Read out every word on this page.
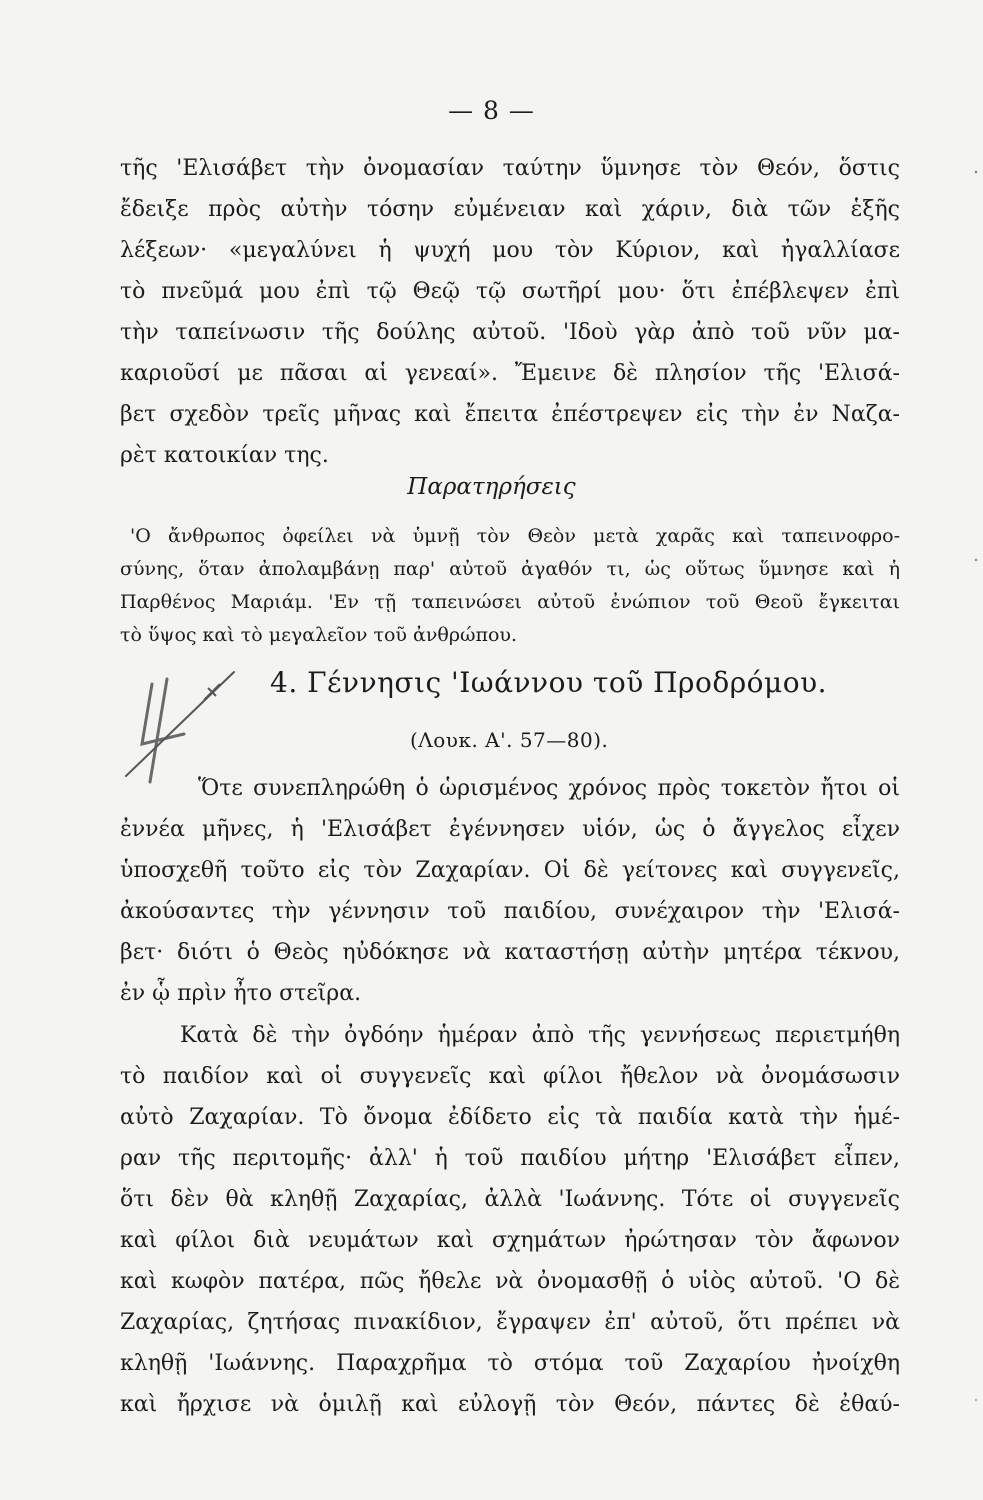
— 8 —
τῆς 'Ελισάβετ τὴν ὀνομασίαν ταύτην ὕμνησε τὸν Θεόν, ὅστις
ἔδειξε πρὸς αὐτὴν τόσην εὐμένειαν καὶ χάριν, διὰ τῶν ἑξῆς
λέξεων· «μεγαλύνει ἡ ψυχή μου τὸν Κύριον, καὶ ἠγαλλίασε
τὸ πνεῦμά μου ἐπὶ τῷ Θεῷ τῷ σωτῆρί μου· ὅτι ἐπέβλεψεν ἐπὶ
τὴν ταπείνωσιν τῆς δούλης αὐτοῦ. 'Ιδοὺ γὰρ ἀπὸ τοῦ νῦν μα-
καριοῦσί με πᾶσαι αἱ γενεαί». Ἔμεινε δὲ πλησίον τῆς 'Ελισά-
βετ σχεδὸν τρεῖς μῆνας καὶ ἔπειτα ἐπέστρεψεν εἰς τὴν ἐν Ναζα-
ρὲτ κατοικίαν της.
Παρατηρήσεις
'Ο ἄνθρωπος ὀφείλει νὰ ὑμνῇ τὸν Θεὸν μετὰ χαρᾶς καὶ ταπεινοφρο-
σύνης, ὅταν ἀπολαμβάνῃ παρ' αὐτοῦ ἀγαθόν τι, ὡς οὕτως ὕμνησε καὶ ἡ
Παρθένος Μαριάμ. 'Εν τῇ ταπεινώσει αὐτοῦ ἐνώπιον τοῦ Θεοῦ ἔγκειται
τὸ ὕψος καὶ τὸ μεγαλεῖον τοῦ ἀνθρώπου.
4. Γέννησις 'Ιωάννου τοῦ Προδρόμου.
(Λουκ. Α'. 57—80).
Ὅτε συνεπληρώθη ὁ ὡρισμένος χρόνος πρὸς τοκετὸν ἤτοι οἱ
ἐννέα μῆνες, ἡ 'Ελισάβετ ἐγέννησεν υἱόν, ὡς ὁ ἄγγελος εἶχεν
ὑποσχεθῆ τοῦτο εἰς τὸν Ζαχαρίαν. Οἱ δὲ γείτονες καὶ συγγενεῖς,
ἀκούσαντες τὴν γέννησιν τοῦ παιδίου, συνέχαιρον τὴν 'Ελισά-
βετ· διότι ὁ Θεὸς ηὐδόκησε νὰ καταστήσῃ αὐτὴν μητέρα τέκνου,
ἐν ᾧ πρὶν ἦτο στεῖρα.
Κατὰ δὲ τὴν ὀγδόην ἡμέραν ἀπὸ τῆς γεννήσεως περιετμήθη
τὸ παιδίον καὶ οἱ συγγενεῖς καὶ φίλοι ἤθελον νὰ ὀνομάσωσιν
αὐτὸ Ζαχαρίαν. Τὸ ὄνομα ἐδίδετο εἰς τὰ παιδία κατὰ τὴν ἡμέ-
ραν τῆς περιτομῆς· ἀλλ' ἡ τοῦ παιδίου μήτηρ 'Ελισάβετ εἶπεν,
ὅτι δὲν θὰ κληθῇ Ζαχαρίας, ἀλλὰ 'Ιωάννης. Τότε οἱ συγγενεῖς
καὶ φίλοι διὰ νευμάτων καὶ σχημάτων ἠρώτησαν τὸν ἄφωνον
καὶ κωφὸν πατέρα, πῶς ἤθελε νὰ ὀνομασθῇ ὁ υἱὸς αὐτοῦ. 'Ο δὲ
Ζαχαρίας, ζητήσας πινακίδιον, ἔγραψεν ἐπ' αὐτοῦ, ὅτι πρέπει νὰ
κληθῇ 'Ιωάννης. Παραχρῆμα τὸ στόμα τοῦ Ζαχαρίου ἠνοίχθη
καὶ ἤρχισε νὰ ὁμιλῇ καὶ εὐλογῇ τὸν Θεόν, πάντες δὲ ἐθαύ-
